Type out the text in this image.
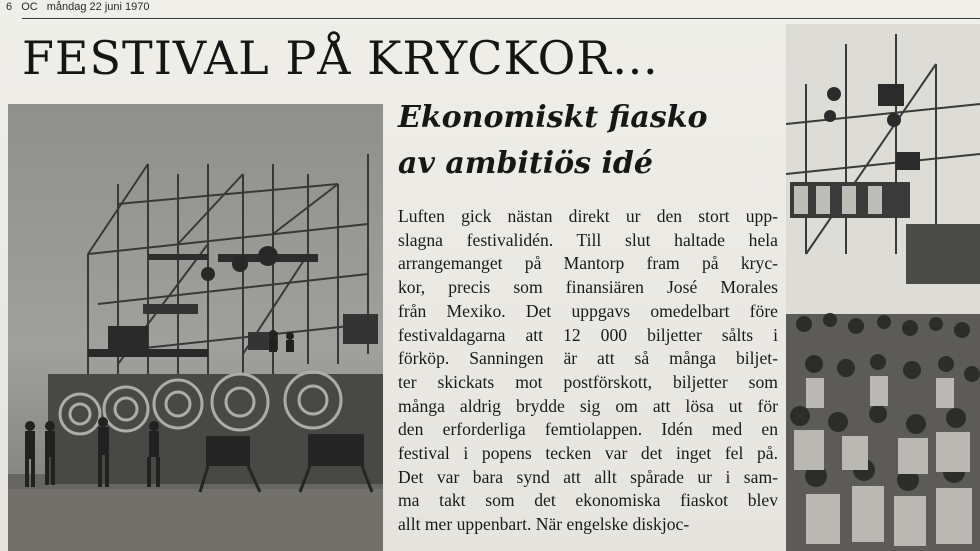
6 OC måndag 22 juni 1970
FESTIVAL PÅ KRYCKOR…
Ekonomiskt fiasko
av ambitiös idé
Luften gick nästan direkt ur den stort upp-
slagna festivalidén. Till slut haltade hela
arrangemanget på Mantorp fram på kryc-
kor, precis som finansiären José Morales
från Mexiko. Det uppgavs omedelbart före
festivaldagarna att 12 000 biljetter sålts i
förköp. Sanningen är att så många biljet-
ter skickats mot postförskott, biljetter som
många aldrig brydde sig om att lösa ut för
den erforderliga femtiolappen. Idén med en
festival i popens tecken var det inget fel på.
Det var bara synd att allt spårade ur i sam-
ma takt som det ekonomiska fiaskot blev
allt mer uppenbart. När engelske diskjoc-
